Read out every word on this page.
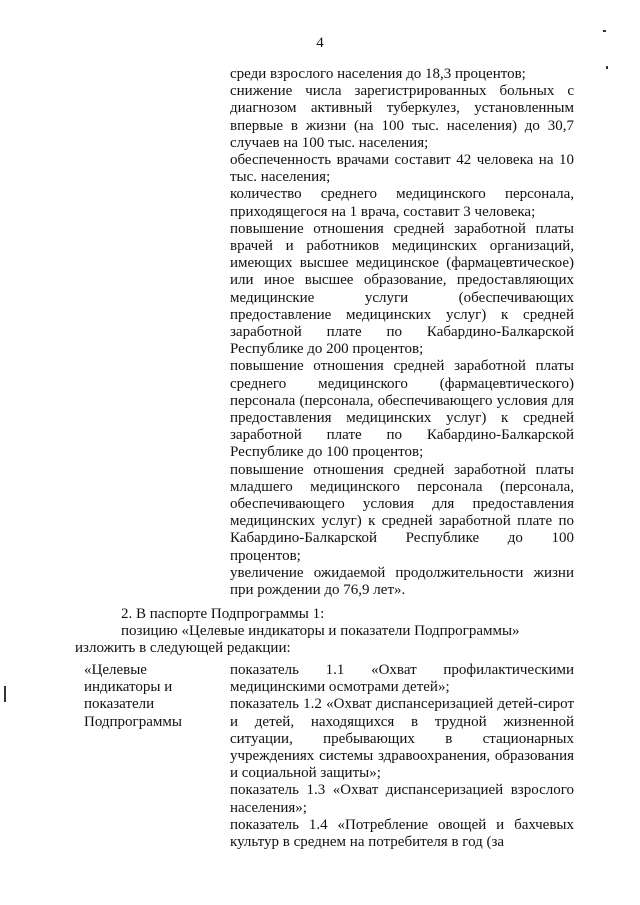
4

среди взрослого населения до 18,3 процентов;

снижение числа зарегистрированных больных с диагнозом активный туберкулез, установленным впервые в жизни (на 100 тыс. населения) до 30,7 случаев на 100 тыс. населения;

обеспеченность врачами составит 42 человека на 10 тыс. населения;

количество среднего медицинского персонала, приходящегося на 1 врача, составит 3 человека;

повышение отношения средней заработной платы врачей и работников медицинских организаций, имеющих высшее медицинское (фармацевтическое) или иное высшее образование, предоставляющих медицинские услуги (обеспечивающих предоставление медицинских услуг) к средней заработной плате по Кабардино-Балкарской Республике до 200 процентов;

повышение отношения средней заработной платы среднего медицинского (фармацевтического) персонала (персонала, обеспечивающего условия для предоставления медицинских услуг) к средней заработной плате по Кабардино-Балкарской Республике до 100 процентов;

повышение отношения средней заработной платы младшего медицинского персонала (персонала, обеспечивающего условия для предоставления медицинских услуг) к средней заработной плате по Кабардино-Балкарской Республике до 100 процентов;

увеличение ожидаемой продолжительности жизни при рождении до 76,9 лет».

2. В паспорте Подпрограммы 1:

позицию «Целевые индикаторы и показатели Подпрограммы»

изложить в следующей редакции:

«Целевые

индикаторы и

показатели

Подпрограммы

показатель 1.1 «Охват профилактическими медицинскими осмотрами детей»;

показатель 1.2 «Охват диспансеризацией детей-сирот и детей, находящихся в трудной жизненной ситуации, пребывающих в стационарных учреждениях системы здравоохранения, образования и социальной защиты»;

показатель 1.3 «Охват диспансеризацией взрослого населения»;

показатель 1.4 «Потребление овощей и бахчевых культур в среднем на потребителя в год (за
